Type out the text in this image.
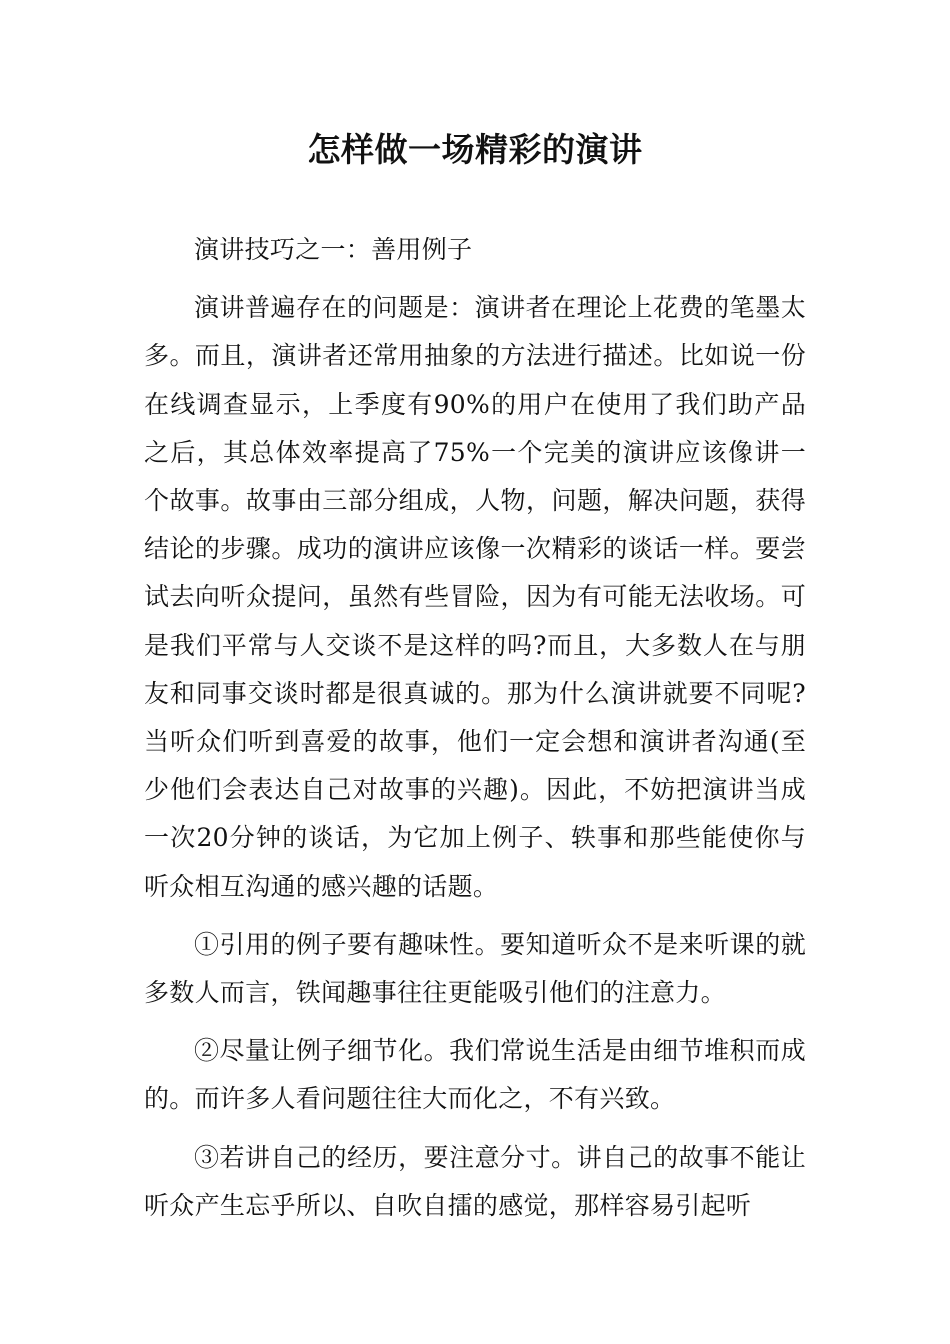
怎样做一场精彩的演讲

演讲技巧之一：善用例子

演讲普遍存在的问题是：演讲者在理论上花费的笔墨太多。而且，演讲者还常用抽象的方法进行描述。比如说一份在线调查显示，上季度有90%的用户在使用了我们助产品之后，其总体效率提高了75%一个完美的演讲应该像讲一个故事。故事由三部分组成，人物，问题，解决问题，获得结论的步骤。成功的演讲应该像一次精彩的谈话一样。要尝试去向听众提问，虽然有些冒险，因为有可能无法收场。可是我们平常与人交谈不是这样的吗?而且，大多数人在与朋友和同事交谈时都是很真诚的。那为什么演讲就要不同呢?当听众们听到喜爱的故事，他们一定会想和演讲者沟通(至少他们会表达自己对故事的兴趣)。因此，不妨把演讲当成一次20分钟的谈话，为它加上例子、轶事和那些能使你与听众相互沟通的感兴趣的话题。

①引用的例子要有趣味性。要知道听众不是来听课的就多数人而言，铁闻趣事往往更能吸引他们的注意力。

②尽量让例子细节化。我们常说生活是由细节堆积而成的。而许多人看问题往往大而化之，不有兴致。

③若讲自己的经历，要注意分寸。讲自己的故事不能让听众产生忘乎所以、自吹自擂的感觉，那样容易引起听
